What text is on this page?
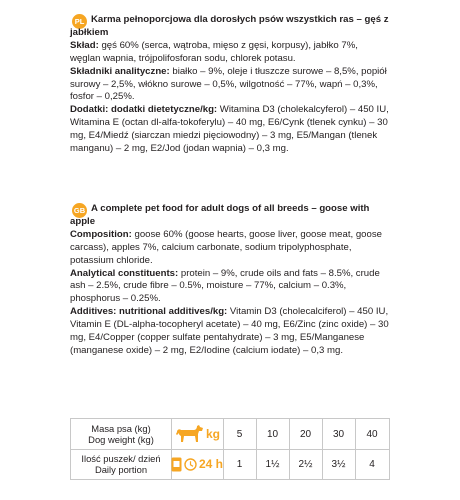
PL Karma pełnoporcjowa dla dorosłych psów wszystkich ras – gęś z jabłkiem

Skład: gęś 60% (serca, wątroba, mięso z gęsi, korpusy), jabłko 7%, węglan wapnia, trójpolifosforan sodu, chlorek potasu.

Składniki analityczne: białko – 9%, oleje i tłuszcze surowe – 8,5%, popiół surowy – 2,5%, włókno surowe – 0,5%, wilgotność – 77%, wapń – 0,3%, fosfor – 0,25%.

Dodatki: dodatki dietetyczne/kg: Witamina D3 (cholekalcyferol) – 450 IU, Witamina E (octan dl-alfa-tokoferylu) – 40 mg, E6/Cynk (tlenek cynku) – 30 mg, E4/Miedź (siarczan miedzi pięciowodny) – 3 mg, E5/Mangan (tlenek manganu) – 2 mg, E2/Jod (jodan wapnia) – 0,3 mg.

GB A complete pet food for adult dogs of all breeds – goose with apple

Composition: goose 60% (goose hearts, goose liver, goose meat, goose carcass), apples 7%, calcium carbonate, sodium tripolyphosphate, potassium chloride.

Analytical constituents: protein – 9%, crude oils and fats – 8.5%, crude ash – 2.5%, crude fibre – 0.5%, moisture – 77%, calcium – 0.3%, phosphorus – 0.25%.

Additives: nutritional additives/kg: Vitamin D3 (cholecalciferol) – 450 IU, Vitamin E (DL-alpha-tocopheryl acetate) – 40 mg, E6/Zinc (zinc oxide) – 30 mg, E4/Copper (copper sulfate pentahydrate) – 3 mg, E5/Manganese (manganese oxide) – 2 mg, E2/Iodine (calcium iodate) – 0,3 mg.

Masa psa (kg)
Dog weight (kg)	kg	5	10	20	30	40
Ilość puszek/ dzień
Daily portion	24 h	1	1½	2½	3½	4
